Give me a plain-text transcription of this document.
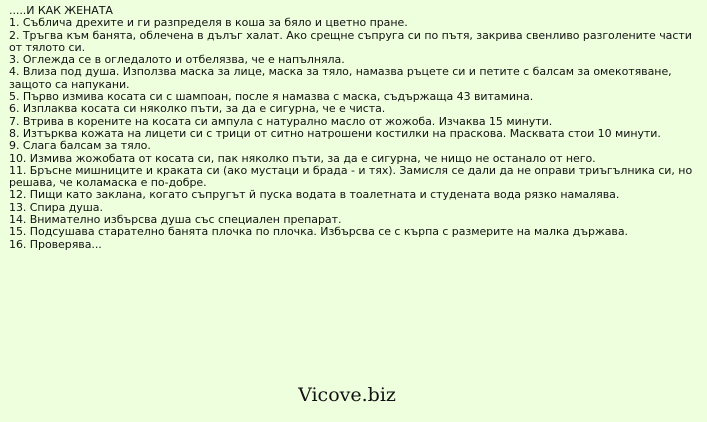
.....И КАК ЖЕНАТА
1. Съблича дрехите и ги разпределя в коша за бяло и цветно пране.
2. Тръгва към банята, облечена в дълъг халат. Ако срещне съпруга си по пътя, закрива свенливо разголените части от тялото си.
3. Оглежда се в огледалото и отбелязва, че е напълняла.
4. Влиза под душа. Използва маска за лице, маска за тяло, намазва ръцете си и петите с балсам за омекотяване, защото са напукани.
5. Първо измива косата си с шампоан, после я намазва с маска, съдържаща 43 витамина.
6. Изплаква косата си няколко пъти, за да е сигурна, че е чиста.
7. Втрива в корените на косата си ампула с натурално масло от жожоба. Изчаква 15 минути.
8. Изтърква кожата на лицети си с трици от ситно натрошени костилки на праскова. Масквата стои 10 минути.
9. Слага балсам за тяло.
10. Измива жожобата от косата си, пак няколко пъти, за да е сигурна, че нищо не останало от него.
11. Бръсне мишниците и краката си (ако мустаци и брада - и тях). Замисля се дали да не оправи триъгълника си, но решава, че коламаска е по-добре.
12. Пищи като заклана, когато съпругът й пуска водата в тоалетната и студената вода рязко намалява.
13. Спира душа.
14. Внимателно избърсва душа със специален препарат.
15. Подсушава старателно банята плочка по плочка. Избърсва се с кърпа с размерите на малка държава.
16. Проверява...
Vicove.biz
